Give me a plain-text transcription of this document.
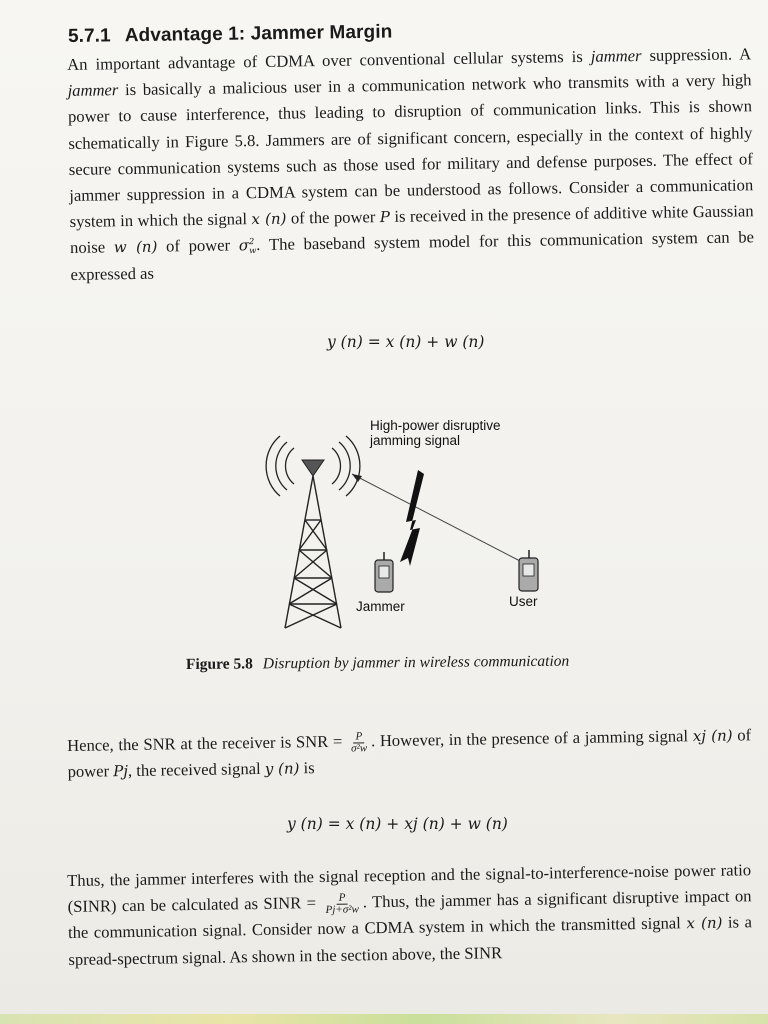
5.7.1 Advantage 1: Jammer Margin
An important advantage of CDMA over conventional cellular systems is jammer suppression. A jammer is basically a malicious user in a communication network who transmits with a very high power to cause interference, thus leading to disruption of communication links. This is shown schematically in Figure 5.8. Jammers are of significant concern, especially in the context of highly secure communication systems such as those used for military and defense purposes. The effect of jammer suppression in a CDMA system can be understood as follows. Consider a communication system in which the signal x (n) of the power P is received in the presence of additive white Gaussian noise w (n) of power σ 2
w . The baseband system model for this communication system can be expressed as
y (n) = x (n) + w (n)
High-power disruptive
jamming signal
Jammer	User
Figure 5.8 Disruption by jammer in wireless communication
Hence, the SNR at the receiver is SNR = $\frac{P}{\text{σ²w}}$ . However, in the presence of a jamming signal xj (n) of power Pj, the received signal y (n) is
y (n) = x (n) + xj (n) + w (n)
Thus, the jammer interferes with the signal reception and the signal-to-interference-noise power ratio (SINR) can be calculated as SINR = $\frac{P}{\text{Pj+σ²w}}$ . Thus, the jammer has a significant disruptive impact on the communication signal. Consider now a CDMA system in which the transmitted signal x (n) is a spread-spectrum signal. As shown in the section above, the SINR
